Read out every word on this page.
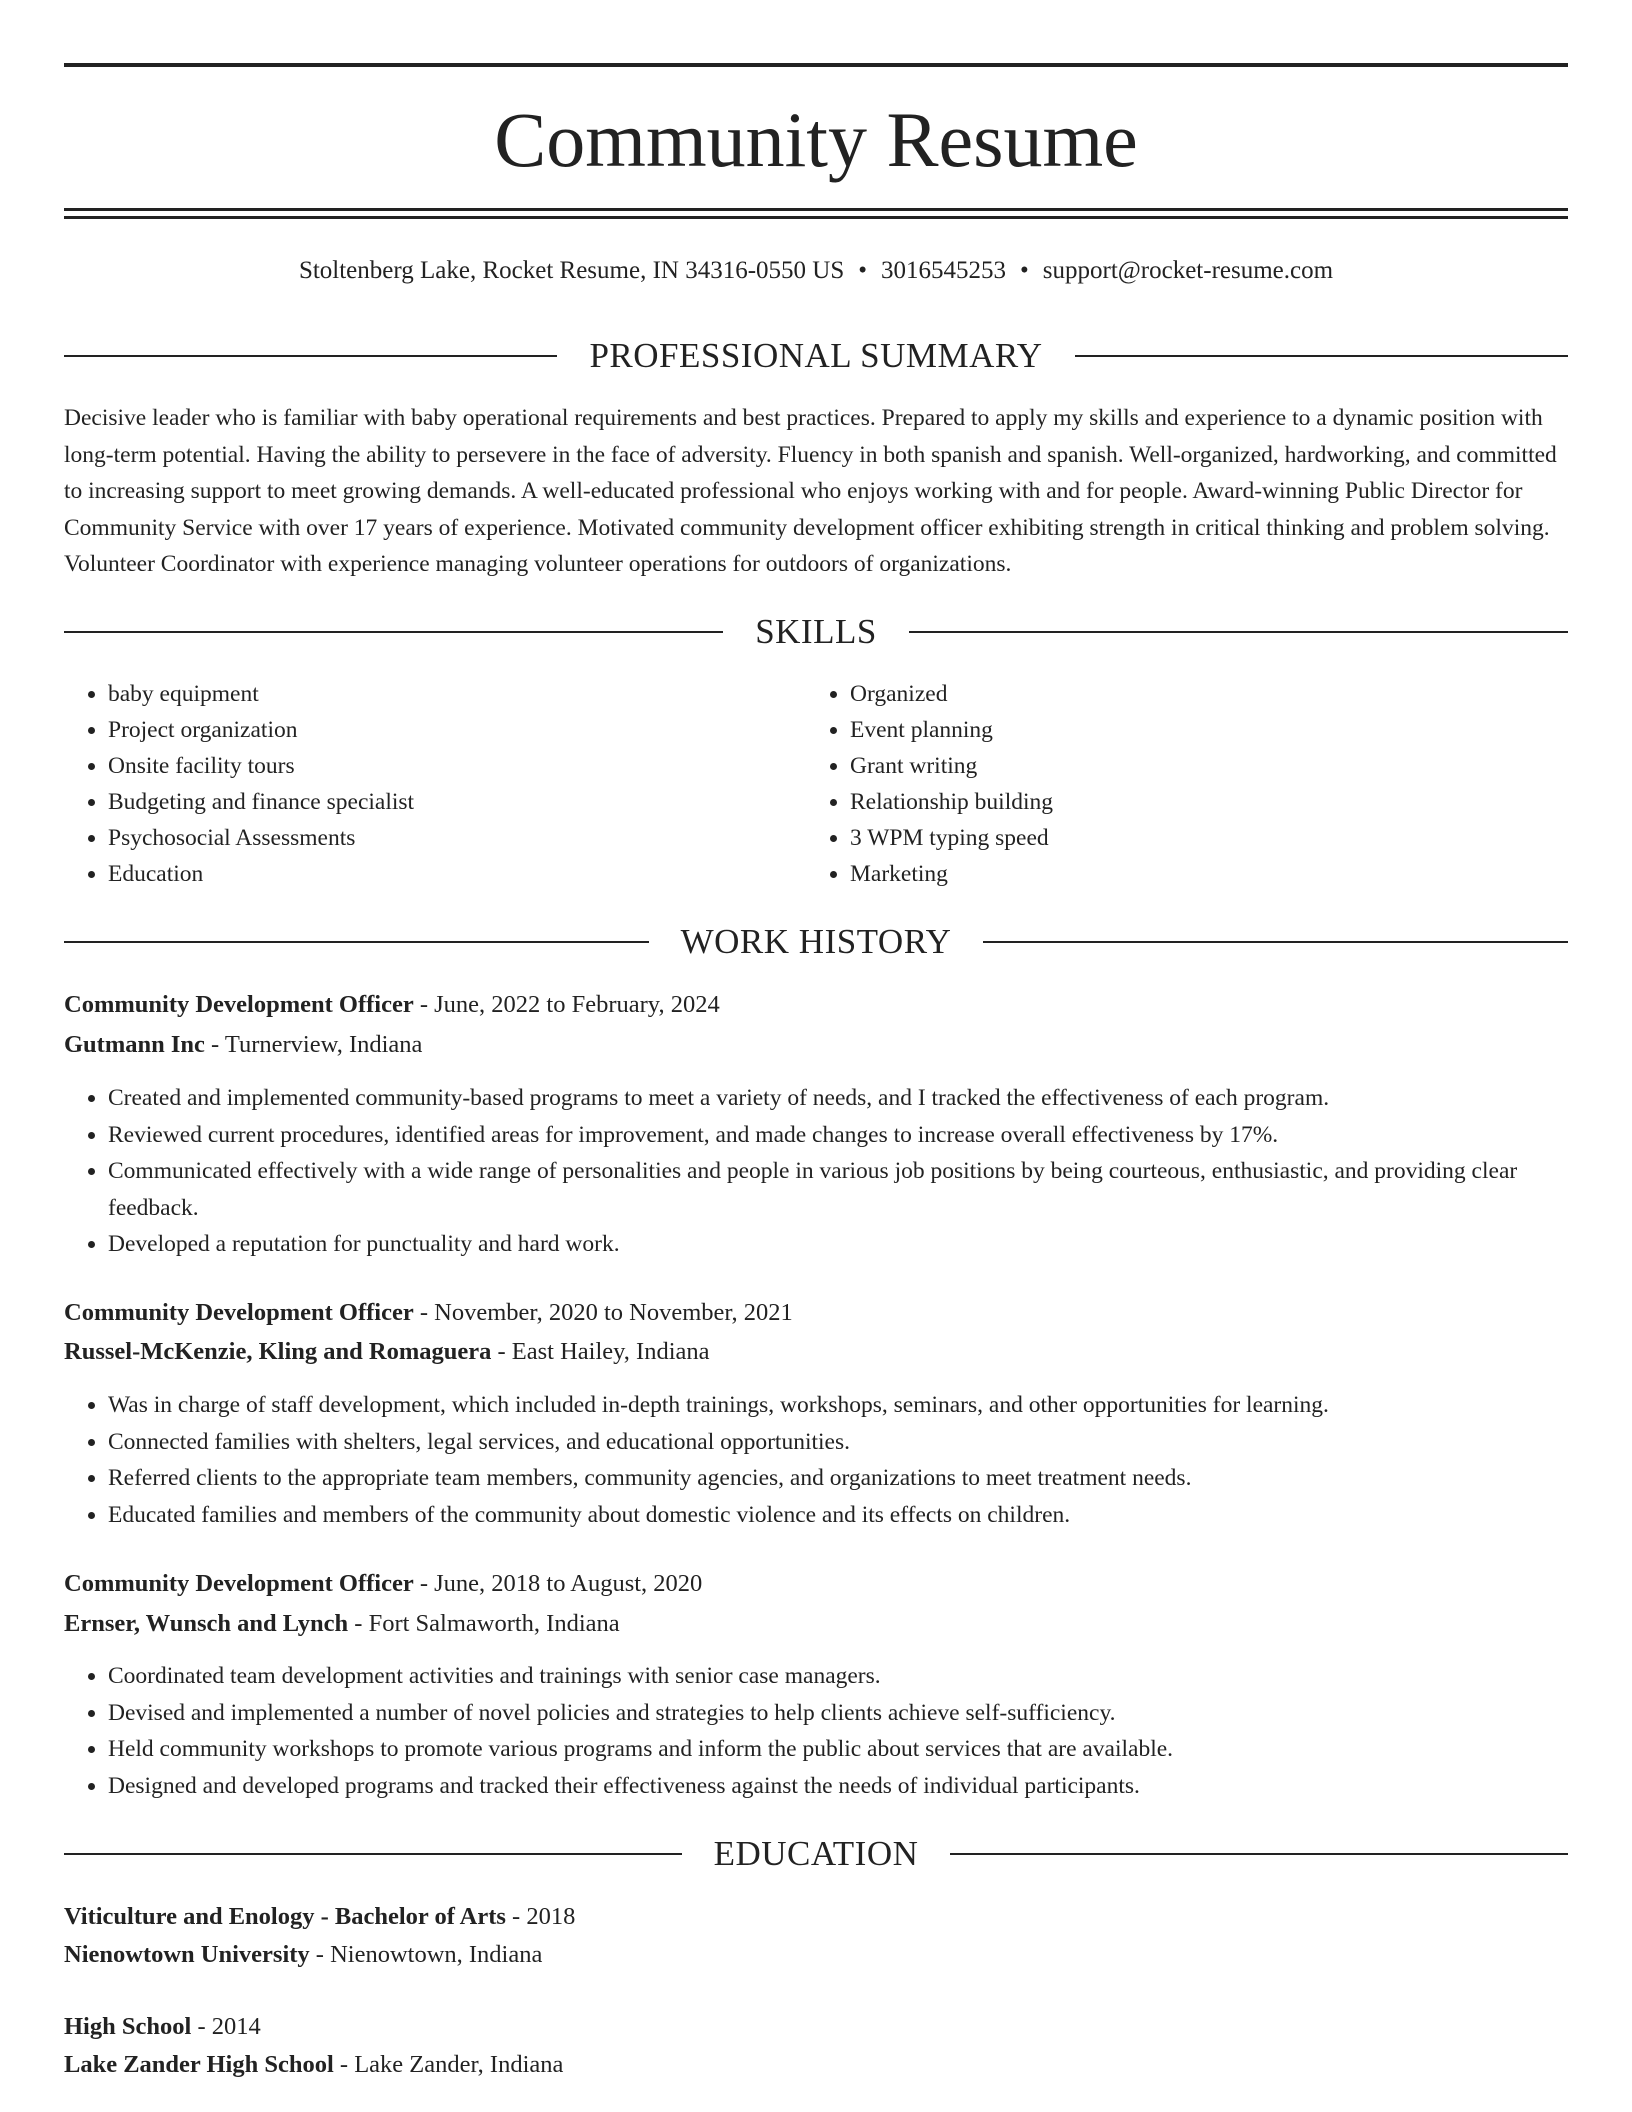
Community Resume
Stoltenberg Lake, Rocket Resume, IN 34316-0550 US • 3016545253 • support@rocket-resume.com
PROFESSIONAL SUMMARY

Decisive leader who is familiar with baby operational requirements and best practices. Prepared to apply my skills and experience to a dynamic position with long-term potential. Having the ability to persevere in the face of adversity. Fluency in both spanish and spanish. Well-organized, hardworking, and committed to increasing support to meet growing demands. A well-educated professional who enjoys working with and for people. Award-winning Public Director for Community Service with over 17 years of experience. Motivated community development officer exhibiting strength in critical thinking and problem solving. Volunteer Coordinator with experience managing volunteer operations for outdoors of organizations.

SKILLS
• baby equipment
• Project organization
• Onsite facility tours
• Budgeting and finance specialist
• Psychosocial Assessments
• Education
• Organized
• Event planning
• Grant writing
• Relationship building
• 3 WPM typing speed
• Marketing
WORK HISTORY
Community Development Officer - June, 2022 to February, 2024
Gutmann Inc - Turnerview, Indiana
• Created and implemented community-based programs to meet a variety of needs, and I tracked the effectiveness of each program.
• Reviewed current procedures, identified areas for improvement, and made changes to increase overall effectiveness by 17%.
• Communicated effectively with a wide range of personalities and people in various job positions by being courteous, enthusiastic, and providing clear feedback.
• Developed a reputation for punctuality and hard work.
Community Development Officer - November, 2020 to November, 2021
Russel-McKenzie, Kling and Romaguera - East Hailey, Indiana
• Was in charge of staff development, which included in-depth trainings, workshops, seminars, and other opportunities for learning.
• Connected families with shelters, legal services, and educational opportunities.
• Referred clients to the appropriate team members, community agencies, and organizations to meet treatment needs.
• Educated families and members of the community about domestic violence and its effects on children.
Community Development Officer - June, 2018 to August, 2020
Ernser, Wunsch and Lynch - Fort Salmaworth, Indiana
• Coordinated team development activities and trainings with senior case managers.
• Devised and implemented a number of novel policies and strategies to help clients achieve self-sufficiency.
• Held community workshops to promote various programs and inform the public about services that are available.
• Designed and developed programs and tracked their effectiveness against the needs of individual participants.
EDUCATION
Viticulture and Enology - Bachelor of Arts - 2018
Nienowtown University - Nienowtown, Indiana
High School - 2014
Lake Zander High School - Lake Zander, Indiana
